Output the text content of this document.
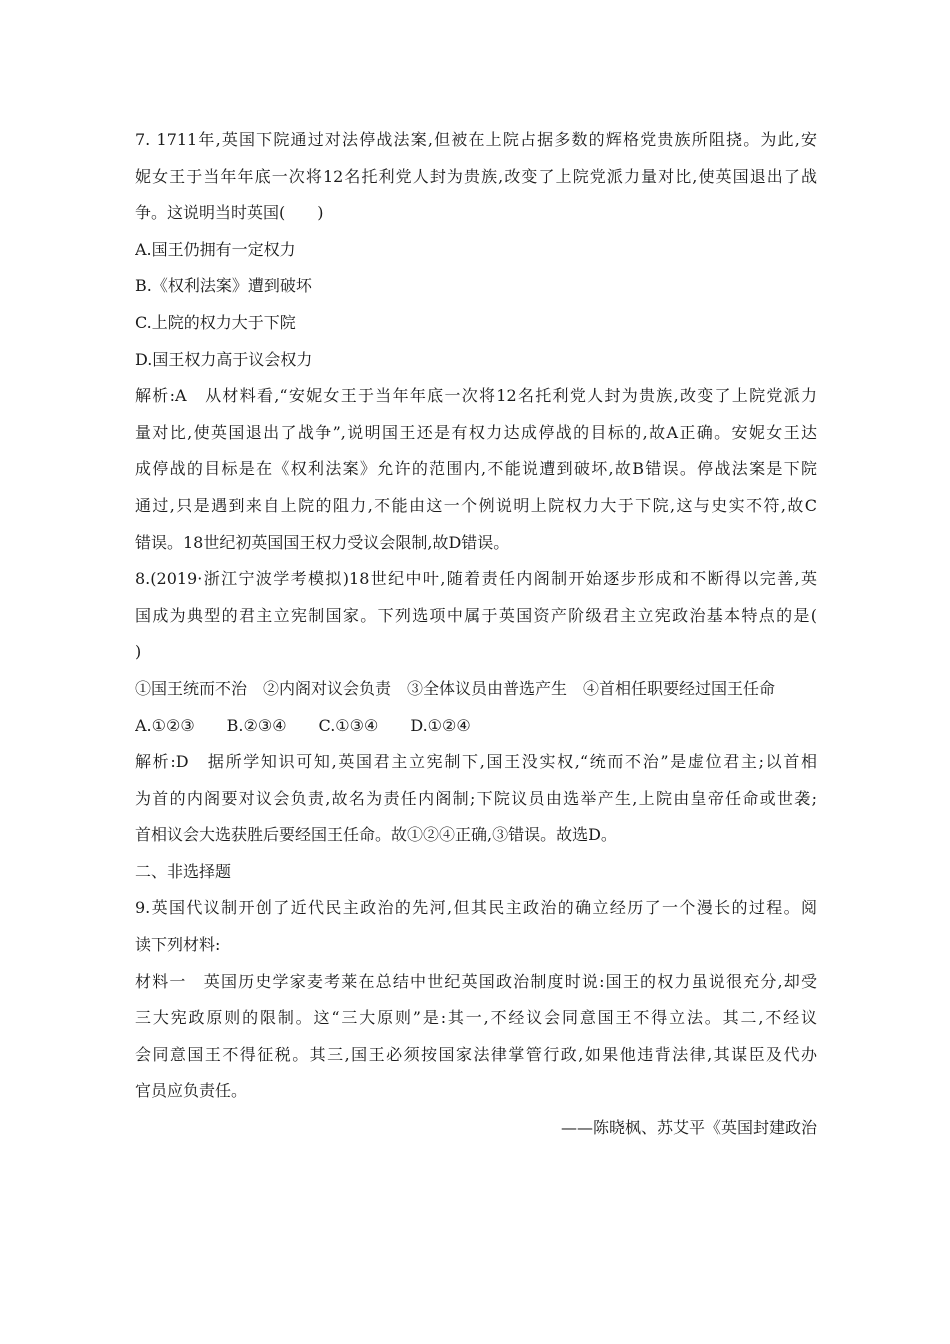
7. 1711年,英国下院通过对法停战法案,但被在上院占据多数的辉格党贵族所阻挠。为此,安
妮女王于当年年底一次将12名托利党人封为贵族,改变了上院党派力量对比,使英国退出了战
争。这说明当时英国(　　)
A.国王仍拥有一定权力
B.《权利法案》遭到破坏
C.上院的权力大于下院
D.国王权力高于议会权力
解析:A　从材料看,“安妮女王于当年年底一次将12名托利党人封为贵族,改变了上院党派力
量对比,使英国退出了战争”,说明国王还是有权力达成停战的目标的,故A正确。安妮女王达
成停战的目标是在《权利法案》允许的范围内,不能说遭到破坏,故B错误。停战法案是下院
通过,只是遇到来自上院的阻力,不能由这一个例说明上院权力大于下院,这与史实不符,故C
错误。18世纪初英国国王权力受议会限制,故D错误。
8.(2019·浙江宁波学考模拟)18世纪中叶,随着责任内阁制开始逐步形成和不断得以完善,英
国成为典型的君主立宪制国家。下列选项中属于英国资产阶级君主立宪政治基本特点的是(
)
①国王统而不治　②内阁对议会负责　③全体议员由普选产生　④首相任职要经过国王任命
A.①②③　　B.②③④　　C.①③④　　D.①②④
解析:D　据所学知识可知,英国君主立宪制下,国王没实权,“统而不治”是虚位君主;以首相
为首的内阁要对议会负责,故名为责任内阁制;下院议员由选举产生,上院由皇帝任命或世袭;
首相议会大选获胜后要经国王任命。故①②④正确,③错误。故选D。
二、非选择题
9.英国代议制开创了近代民主政治的先河,但其民主政治的确立经历了一个漫长的过程。阅
读下列材料:
材料一　英国历史学家麦考莱在总结中世纪英国政治制度时说:国王的权力虽说很充分,却受
三大宪政原则的限制。这“三大原则”是:其一,不经议会同意国王不得立法。其二,不经议
会同意国王不得征税。其三,国王必须按国家法律掌管行政,如果他违背法律,其谋臣及代办
官员应负责任。
——陈晓枫、苏艾平《英国封建政治
